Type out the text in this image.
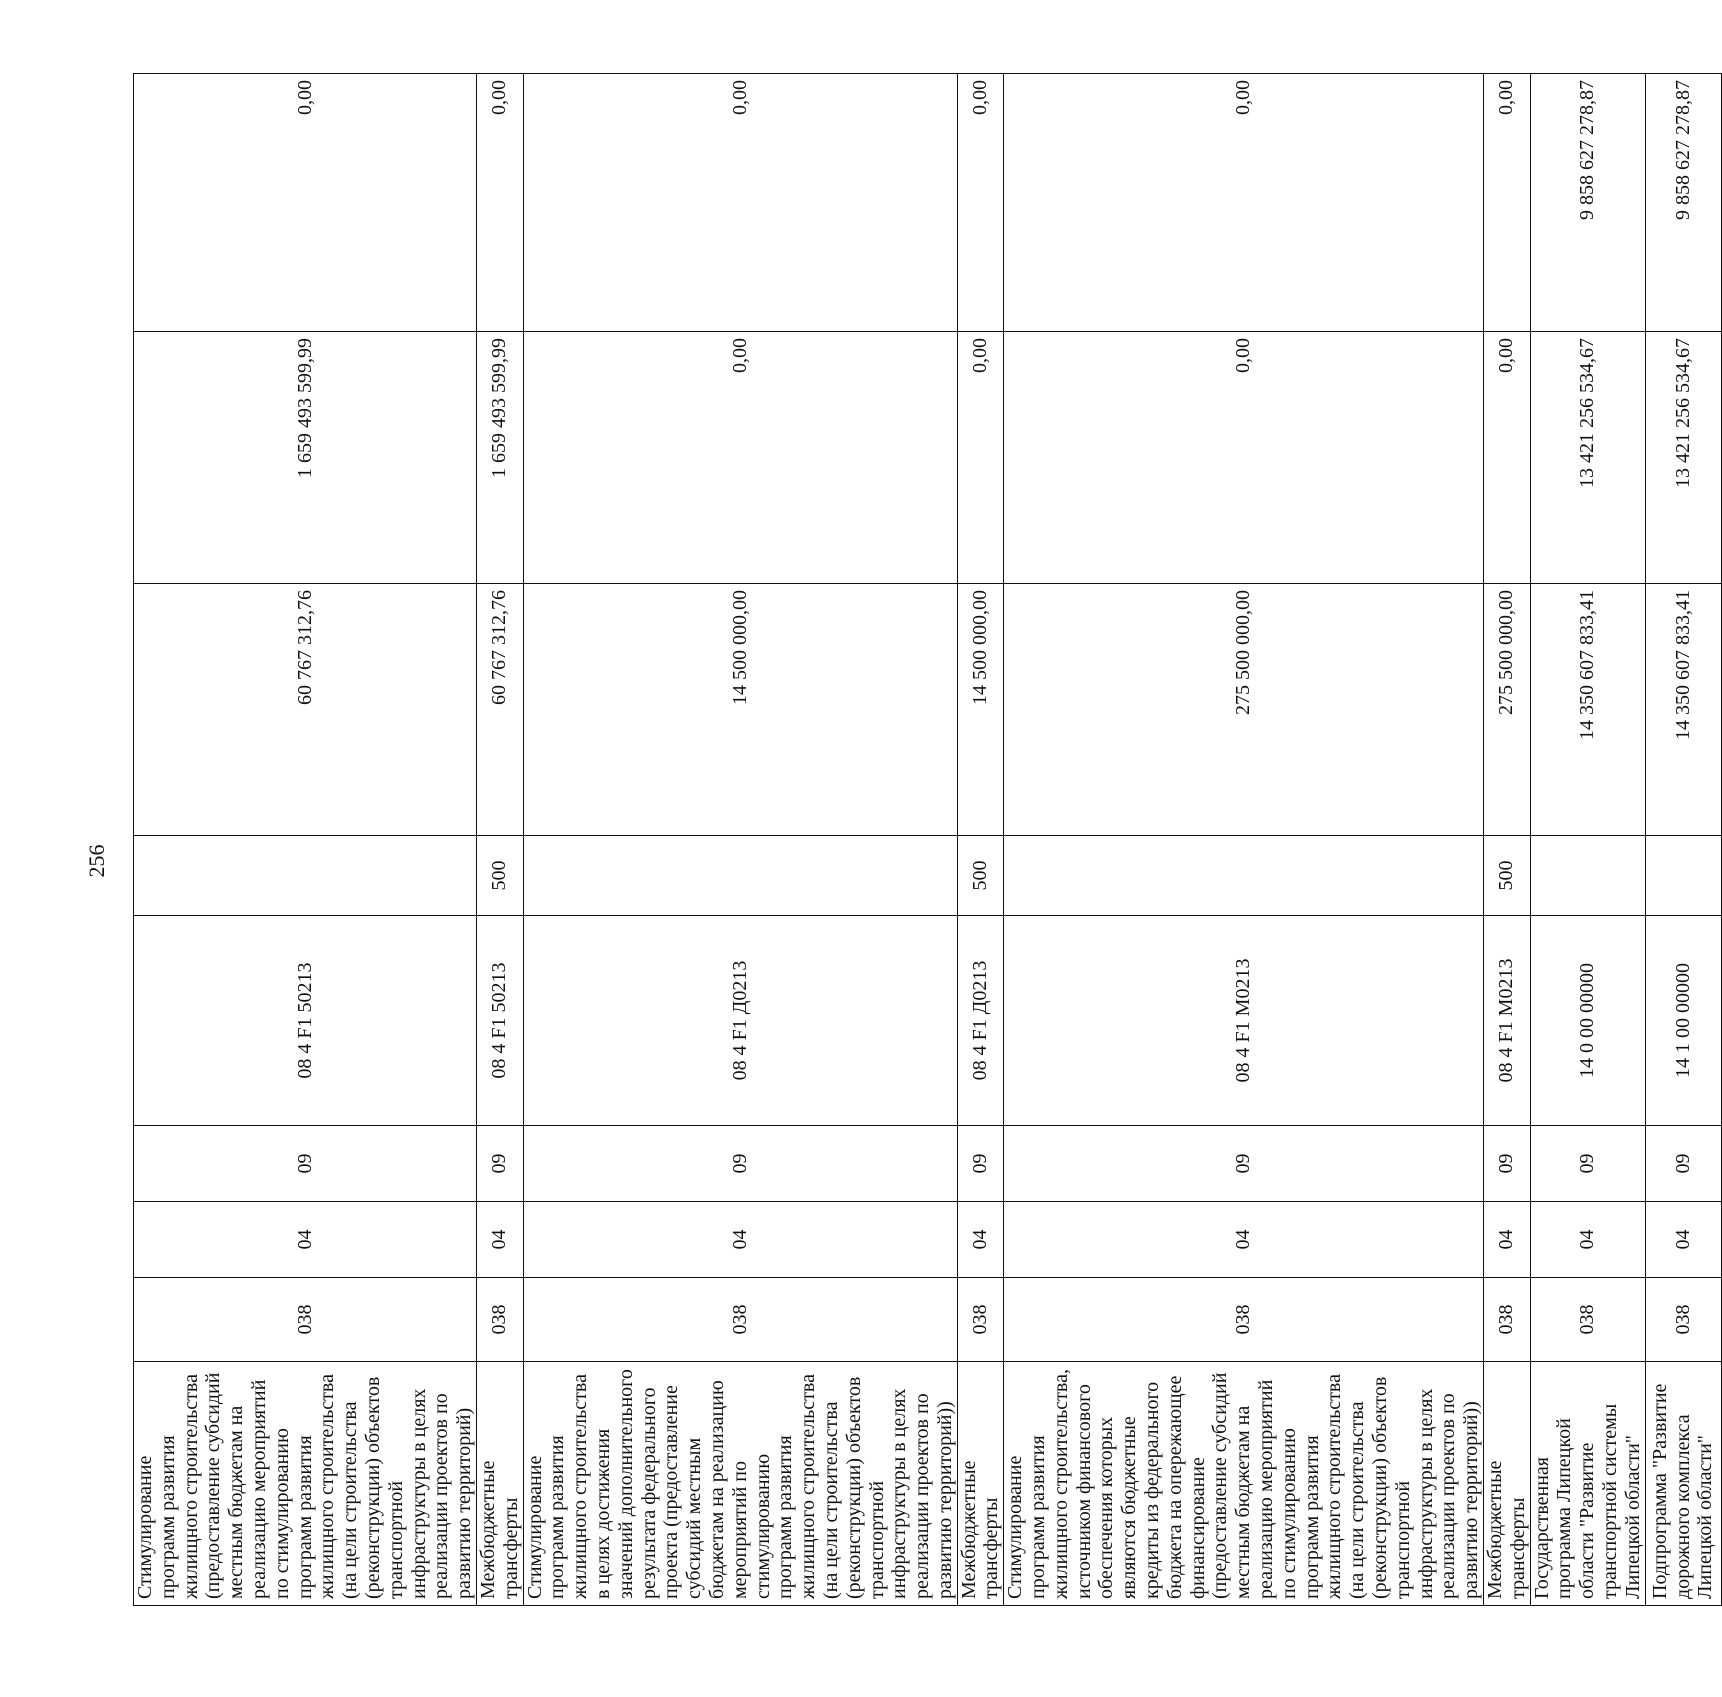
256
Стимулирование программ развития жилищного строительства (предоставление субсидий местным бюджетам на реализацию мероприятий по стимулированию программ развития жилищного строительства (на цели строительства (реконструкции) объектов транспортной инфраструктуры в целях реализации проектов по развитию территорий)	038	04	09	08 4 F1 50213		60 767 312,76	1 659 493 599,99	0,00
Межбюджетные трансферты	038	04	09	08 4 F1 50213	500	60 767 312,76	1 659 493 599,99	0,00
Стимулирование программ развития жилищного строительства в целях достижения значений дополнительного результата федерального проекта (предоставление субсидий местным бюджетам на реализацию мероприятий по стимулированию программ развития жилищного строительства (на цели строительства (реконструкции) объектов транспортной инфраструктуры в целях реализации проектов по развитию территорий))	038	04	09	08 4 F1 Д0213		14 500 000,00	0,00	0,00
Межбюджетные трансферты	038	04	09	08 4 F1 Д0213	500	14 500 000,00	0,00	0,00
Стимулирование программ развития жилищного строительства, источником финансового обеспечения которых являются бюджетные кредиты из федерального бюджета на опережающее финансирование (предоставление субсидий местным бюджетам на реализацию мероприятий по стимулированию программ развития жилищного строительства (на цели строительства (реконструкции) объектов транспортной инфраструктуры в целях реализации проектов по развитию территорий))	038	04	09	08 4 F1 M0213		275 500 000,00	0,00	0,00
Межбюджетные трансферты	038	04	09	08 4 F1 M0213	500	275 500 000,00	0,00	0,00
Государственная программа Липецкой области "Развитие транспортной системы Липецкой области"	038	04	09	14 0 00 00000		14 350 607 833,41	13 421 256 534,67	9 858 627 278,87
Подпрограмма "Развитие дорожного комплекса Липецкой области"	038	04	09	14 1 00 00000		14 350 607 833,41	13 421 256 534,67	9 858 627 278,87
